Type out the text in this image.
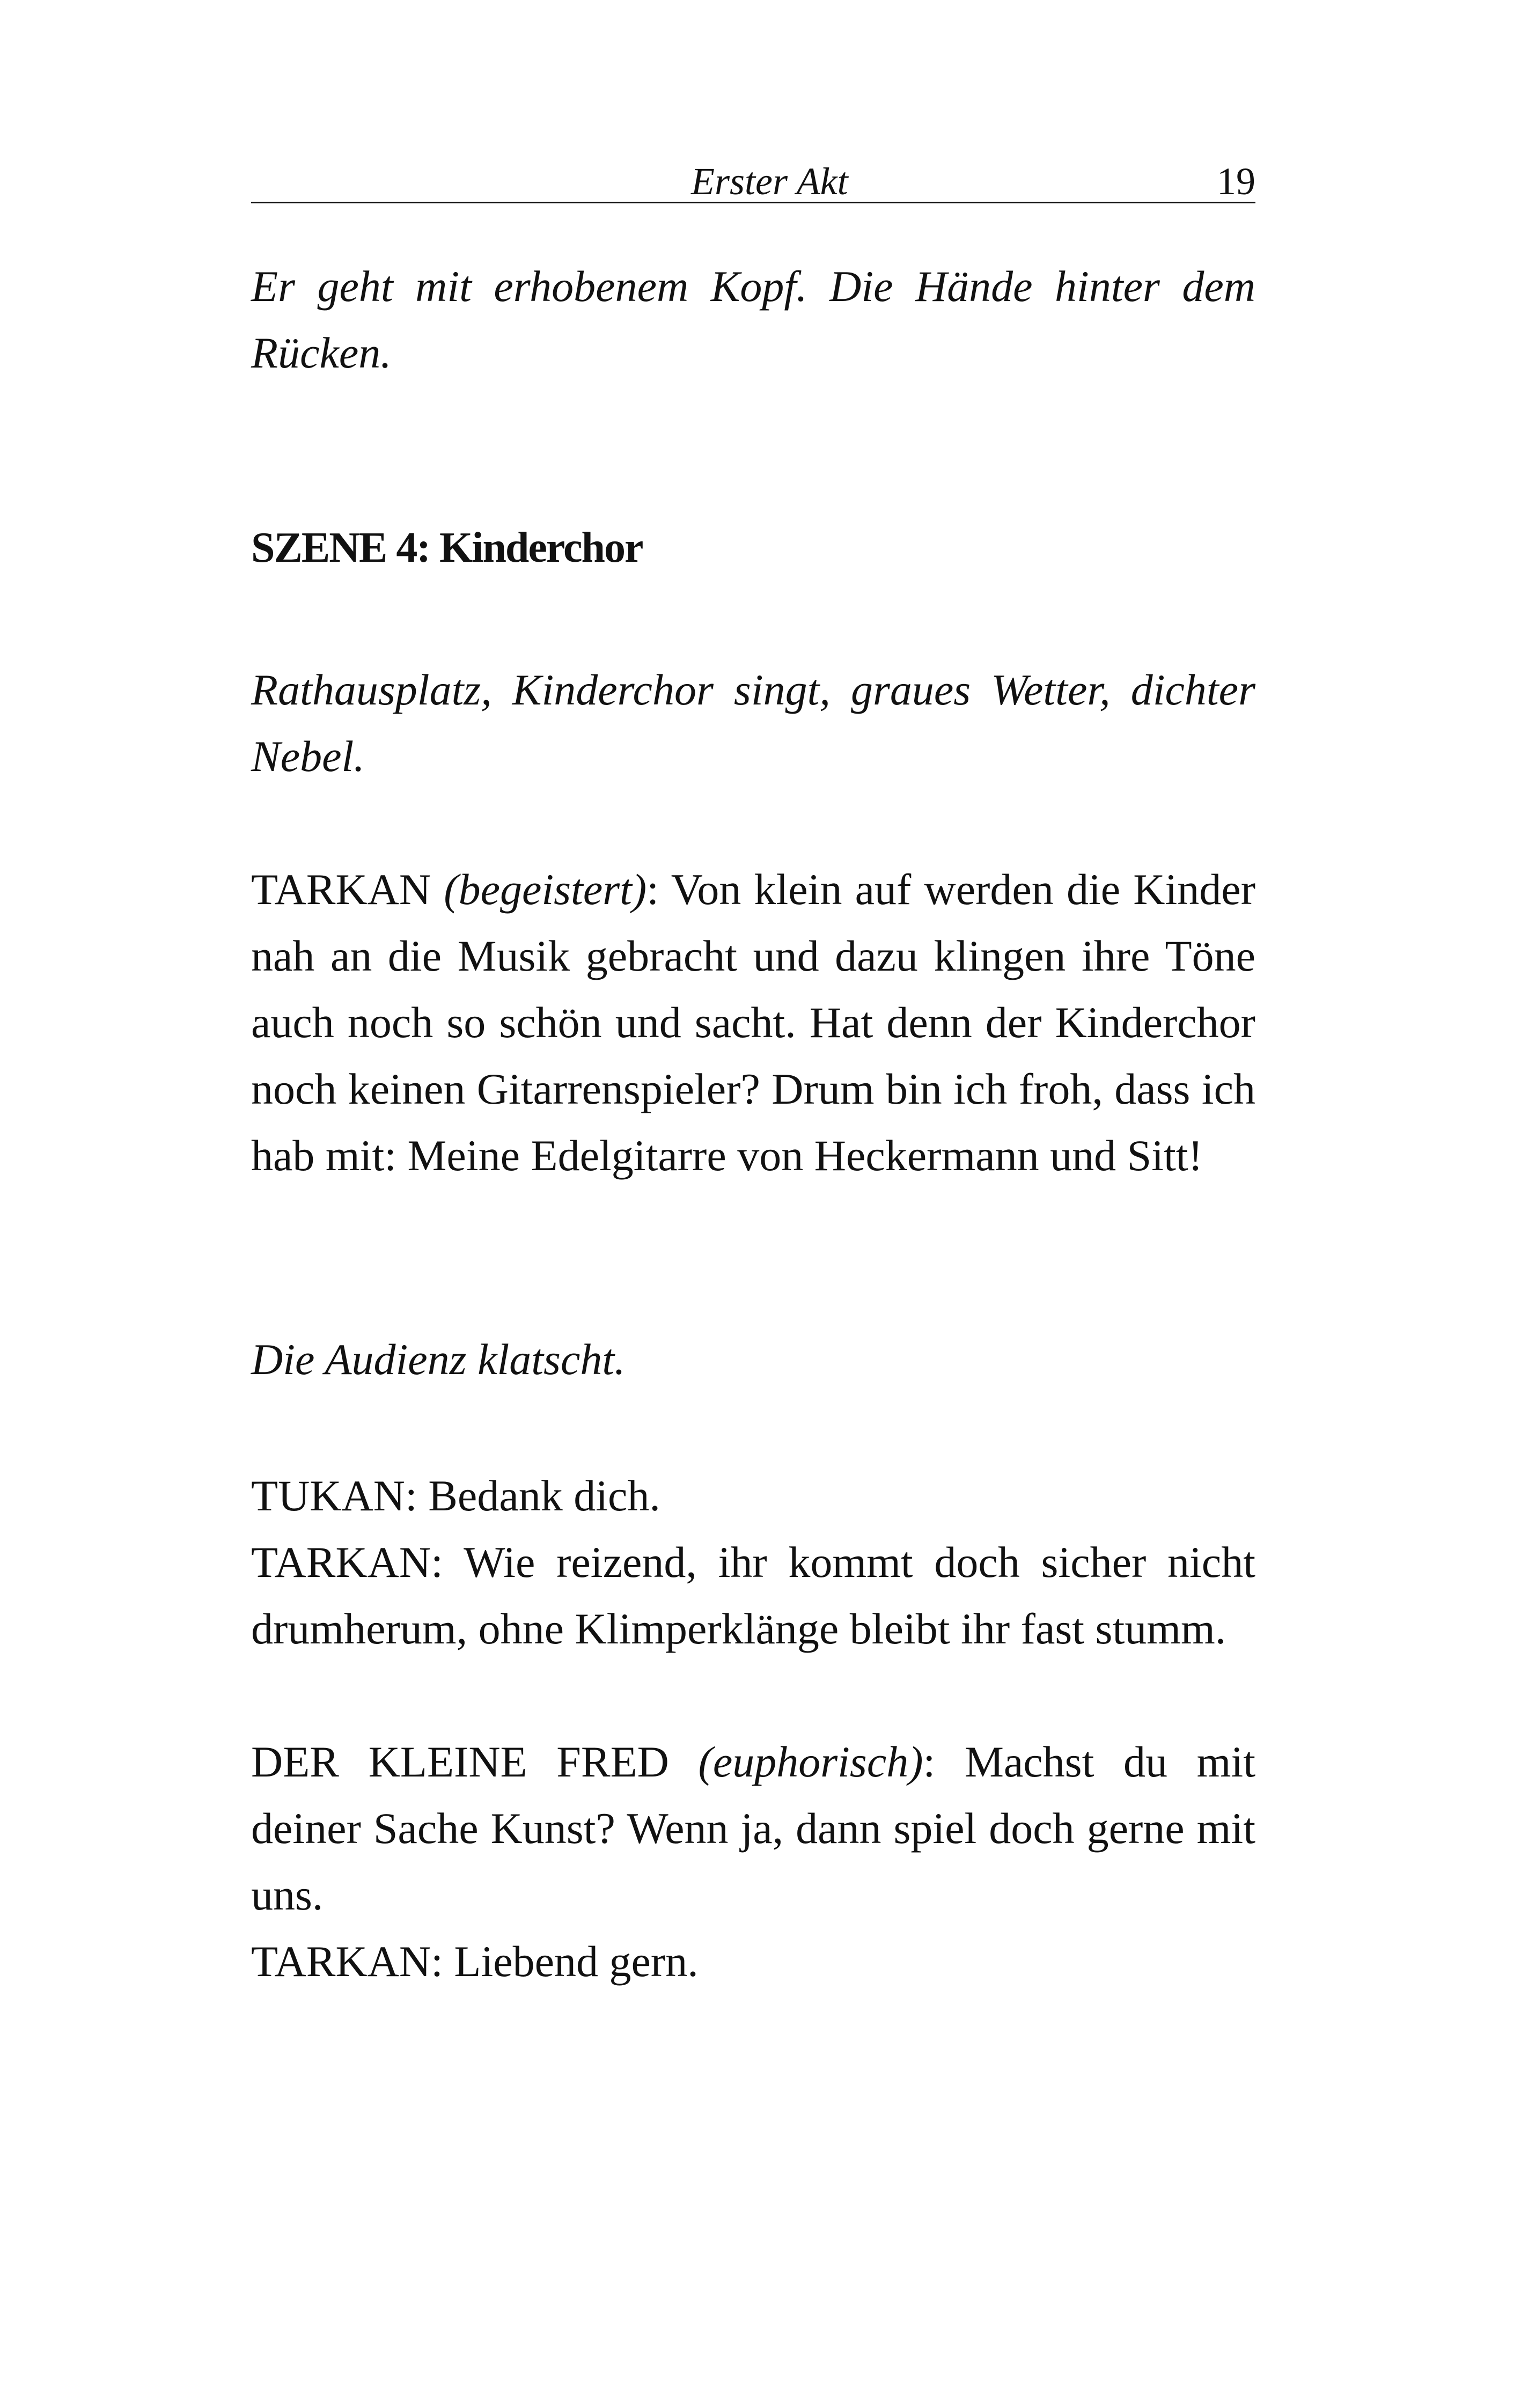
Erster Akt	19

Er geht mit erhobenem Kopf. Die Hände hinter dem Rücken.

SZENE 4: Kinderchor

Rathausplatz, Kinderchor singt, graues Wetter, dichter Nebel.

TARKAN (begeistert): Von klein auf werden die Kinder nah an die Musik gebracht und dazu klingen ihre Töne auch noch so schön und sacht. Hat denn der Kinderchor noch keinen Gitarrenspieler? Drum bin ich froh, dass ich hab mit: Meine Edelgitarre von Heckermann und Sitt!

Die Audienz klatscht.

TUKAN: Bedank dich.

TARKAN: Wie reizend, ihr kommt doch sicher nicht drumherum, ohne Klimperklänge bleibt ihr fast stumm.

DER KLEINE FRED (euphorisch): Machst du mit deiner Sache Kunst? Wenn ja, dann spiel doch gerne mit uns.

TARKAN: Liebend gern.
